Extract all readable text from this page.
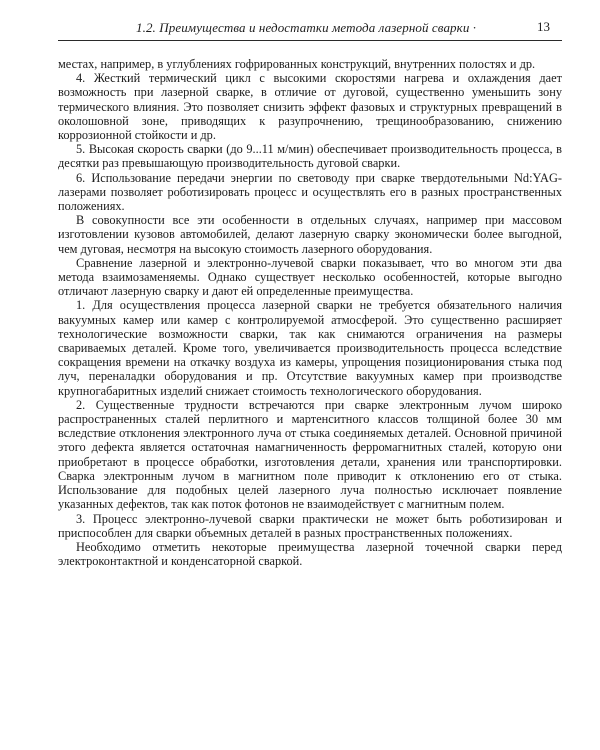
1.2. Преимущества и недостатки метода лазерной сварки ·	13

местах, например, в углублениях гофрированных конструкций, внутренних полостях и др.

4. Жесткий термический цикл с высокими скоростями нагрева и охлаждения дает возможность при лазерной сварке, в отличие от дуговой, существенно уменьшить зону термического влияния. Это позволяет снизить эффект фазовых и структурных превращений в околошовной зоне, приводящих к разупрочнению, трещинообразованию, снижению коррозионной стойкости и др.

5. Высокая скорость сварки (до 9...11 м/мин) обеспечивает производительность процесса, в десятки раз превышающую производительность дуговой сварки.

6. Использование передачи энергии по световоду при сварке твердотельными Nd:YAG-лазерами позволяет роботизировать процесс и осуществлять его в разных пространственных положениях.

В совокупности все эти особенности в отдельных случаях, например при массовом изготовлении кузовов автомобилей, делают лазерную сварку экономически более выгодной, чем дуговая, несмотря на высокую стоимость лазерного оборудования.

Сравнение лазерной и электронно-лучевой сварки показывает, что во многом эти два метода взаимозаменяемы. Однако существует несколько особенностей, которые выгодно отличают лазерную сварку и дают ей определенные преимущества.

1. Для осуществления процесса лазерной сварки не требуется обязательного наличия вакуумных камер или камер с контролируемой атмосферой. Это существенно расширяет технологические возможности сварки, так как снимаются ограничения на размеры свариваемых деталей. Кроме того, увеличивается производительность процесса вследствие сокращения времени на откачку воздуха из камеры, упрощения позиционирования стыка под луч, переналадки оборудования и пр. Отсутствие вакуумных камер при производстве крупногабаритных изделий снижает стоимость технологического оборудования.

2. Существенные трудности встречаются при сварке электронным лучом широко распространенных сталей перлитного и мартенситного классов толщиной более 30 мм вследствие отклонения электронного луча от стыка соединяемых деталей. Основной причиной этого дефекта является остаточная намагниченность ферромагнитных сталей, которую они приобретают в процессе обработки, изготовления детали, хранения или транспортировки. Сварка электронным лучом в магнитном поле приводит к отклонению его от стыка. Использование для подобных целей лазерного луча полностью исключает появление указанных дефектов, так как поток фотонов не взаимодействует с магнитным полем.

3. Процесс электронно-лучевой сварки практически не может быть роботизирован и приспособлен для сварки объемных деталей в разных пространственных положениях.

Необходимо отметить некоторые преимущества лазерной точечной сварки перед электроконтактной и конденсаторной сваркой.
